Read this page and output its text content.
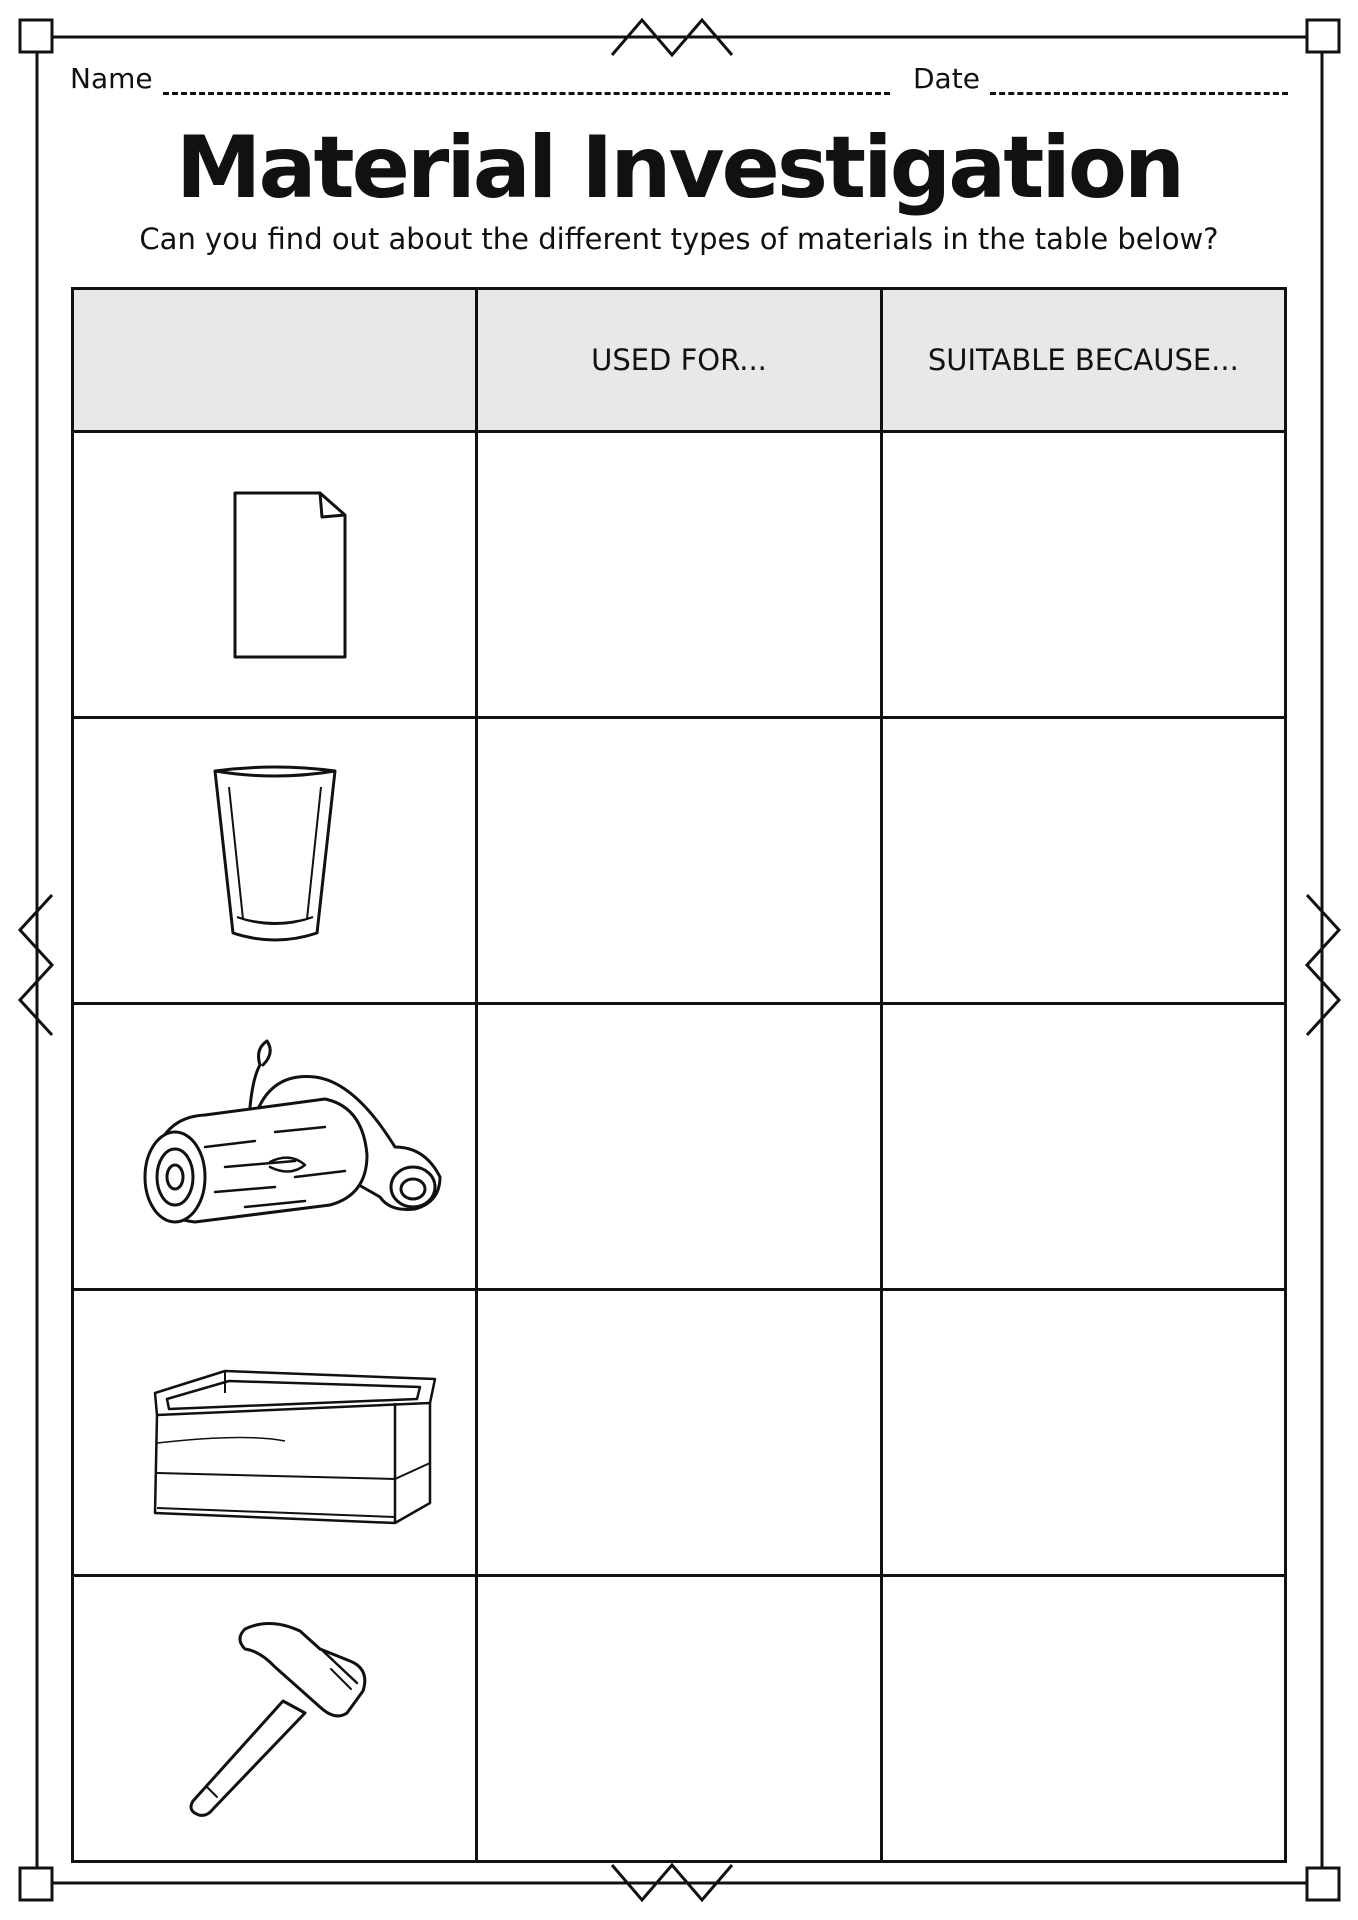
Name	Date
Material Investigation
Can you find out about the different types of materials in the table below?
	USED FOR...	SUITABLE BECAUSE...
